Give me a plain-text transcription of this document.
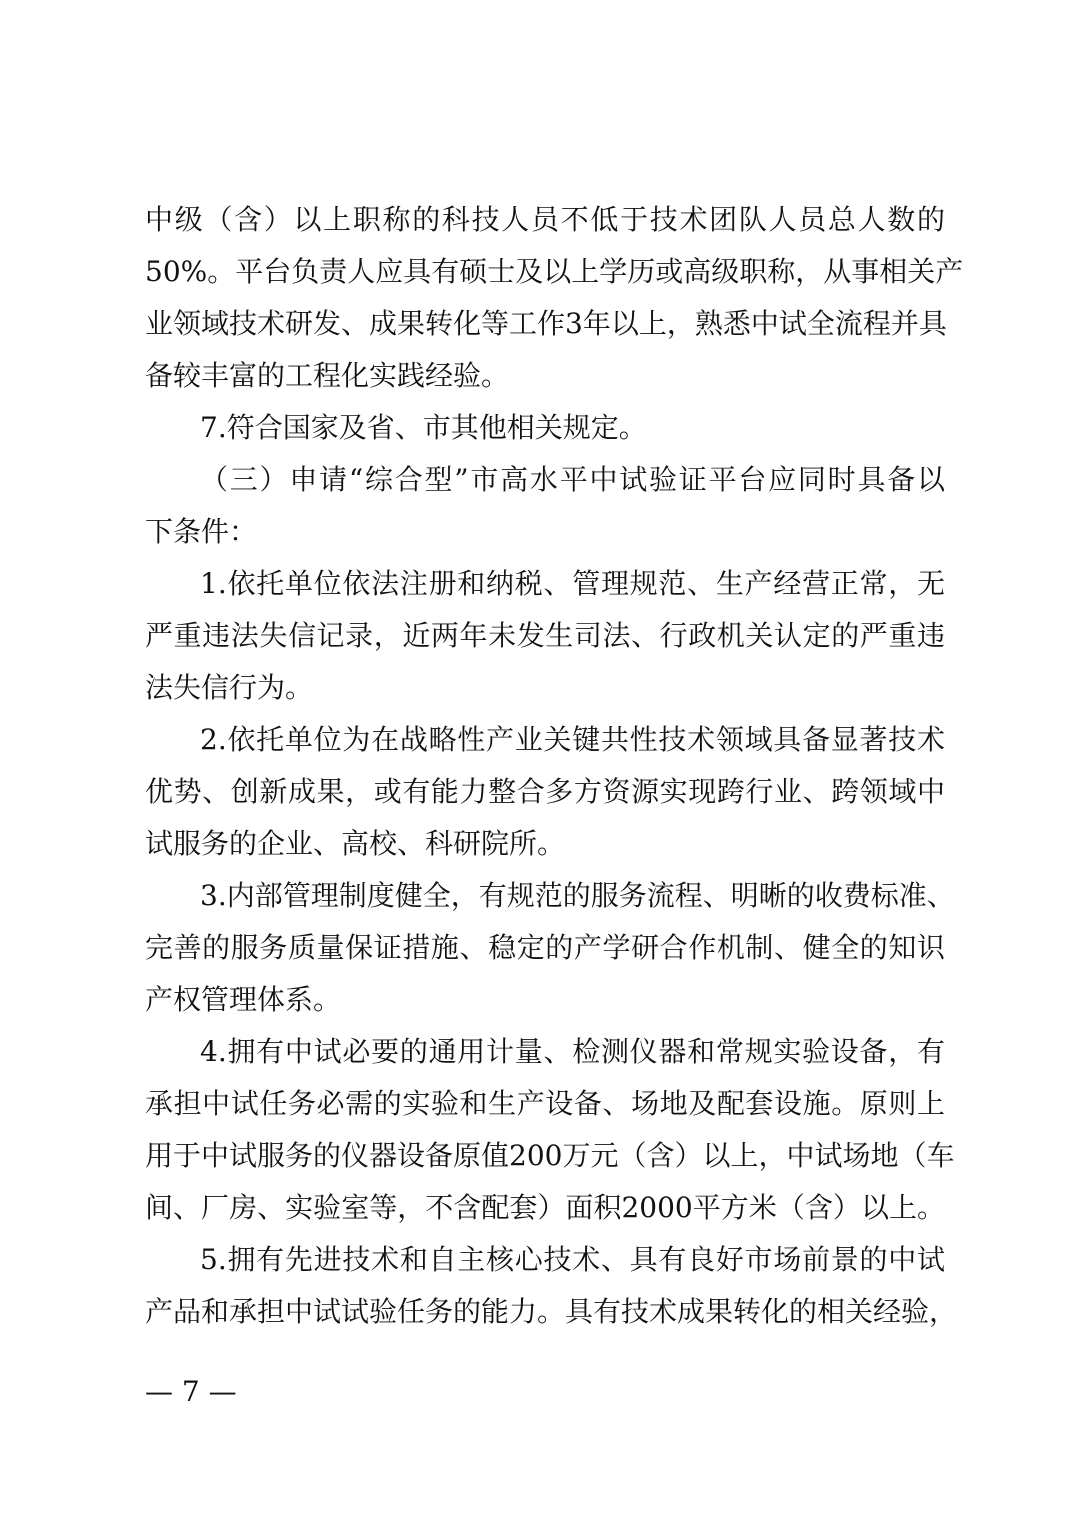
中级（含）以上职称的科技人员不低于技术团队人员总人数的
50%。平台负责人应具有硕士及以上学历或高级职称，从事相关产
业领域技术研发、成果转化等工作3年以上，熟悉中试全流程并具
备较丰富的工程化实践经验。
7.符合国家及省、市其他相关规定。
（三）申请“综合型”市高水平中试验证平台应同时具备以
下条件：
1.依托单位依法注册和纳税、管理规范、生产经营正常，无
严重违法失信记录，近两年未发生司法、行政机关认定的严重违
法失信行为。
2.依托单位为在战略性产业关键共性技术领域具备显著技术
优势、创新成果，或有能力整合多方资源实现跨行业、跨领域中
试服务的企业、高校、科研院所。
3.内部管理制度健全，有规范的服务流程、明晰的收费标准、
完善的服务质量保证措施、稳定的产学研合作机制、健全的知识
产权管理体系。
4.拥有中试必要的通用计量、检测仪器和常规实验设备，有
承担中试任务必需的实验和生产设备、场地及配套设施。原则上
用于中试服务的仪器设备原值200万元（含）以上，中试场地（车
间、厂房、实验室等，不含配套）面积2000平方米（含）以上。
5.拥有先进技术和自主核心技术、具有良好市场前景的中试
产品和承担中试试验任务的能力。具有技术成果转化的相关经验，
— 7 —
